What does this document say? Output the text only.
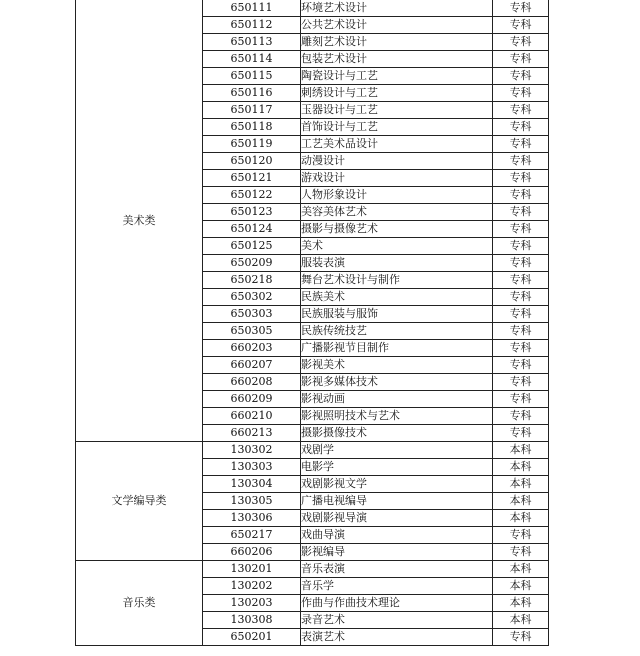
美术类	650111	环境艺术设计	专科
	650112	公共艺术设计	专科
	650113	雕刻艺术设计	专科
	650114	包装艺术设计	专科
	650115	陶瓷设计与工艺	专科
	650116	刺绣设计与工艺	专科
	650117	玉器设计与工艺	专科
	650118	首饰设计与工艺	专科
	650119	工艺美术品设计	专科
	650120	动漫设计	专科
	650121	游戏设计	专科
	650122	人物形象设计	专科
	650123	美容美体艺术	专科
	650124	摄影与摄像艺术	专科
	650125	美术	专科
	650209	服装表演	专科
	650218	舞台艺术设计与制作	专科
	650302	民族美术	专科
	650303	民族服装与服饰	专科
	650305	民族传统技艺	专科
	660203	广播影视节目制作	专科
	660207	影视美术	专科
	660208	影视多媒体技术	专科
	660209	影视动画	专科
	660210	影视照明技术与艺术	专科
	660213	摄影摄像技术	专科
文学编导类	130302	戏剧学	本科
	130303	电影学	本科
	130304	戏剧影视文学	本科
	130305	广播电视编导	本科
	130306	戏剧影视导演	本科
	650217	戏曲导演	专科
	660206	影视编导	专科
音乐类	130201	音乐表演	本科
	130202	音乐学	本科
	130203	作曲与作曲技术理论	本科
	130308	录音艺术	本科
	650201	表演艺术	专科
